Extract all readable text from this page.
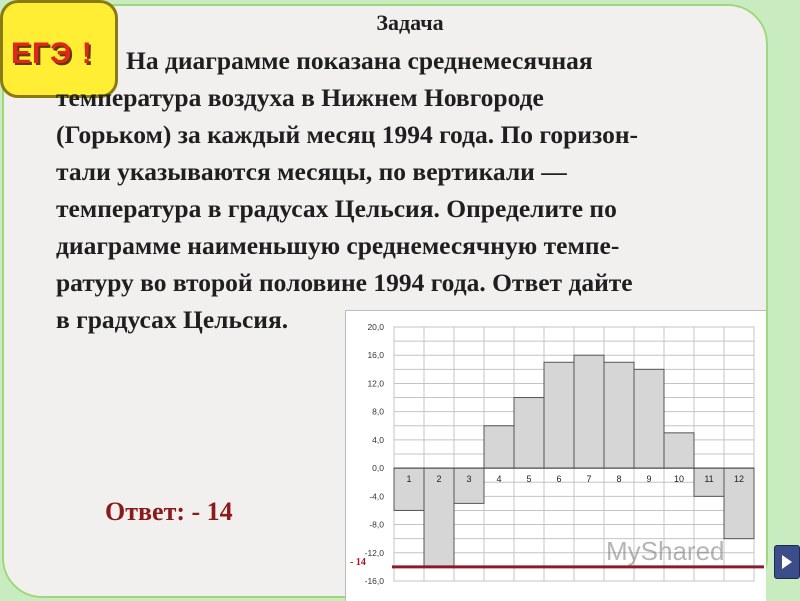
ЕГЭ !
Задача
На диаграмме показана среднемесячная
температура воздуха в Нижнем Новгороде
(Горьком) за каждый месяц 1994 года. По горизон-
тали указываются месяцы, по вертикали —
температура в градусах Цельсия. Определите по
диаграмме наименьшую среднемесячную темпе-
ратуру во второй половине 1994 года. Ответ дайте
в градусах Цельсия.
Ответ: - 14
1	2	3	4	5	6	7	8	9 10 11 12
20,0
16,0
12,0
8,0
4,0
0,0
-4,0
-8,0
-12,0
-16,0
- 14	MyShared
